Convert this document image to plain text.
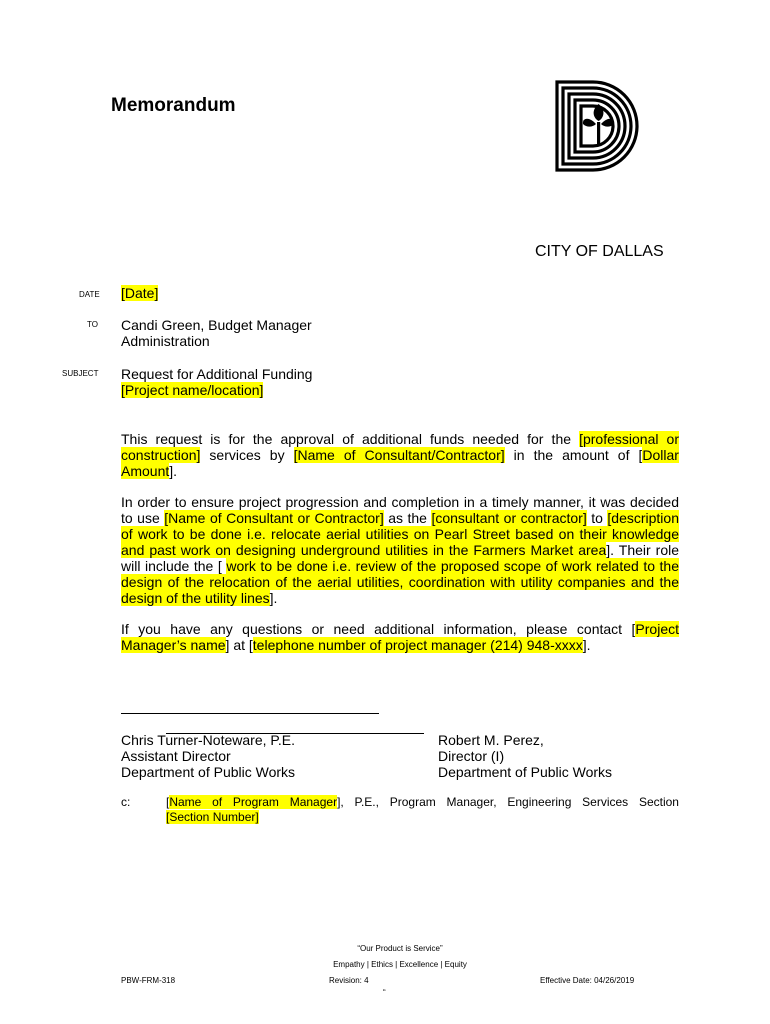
Memorandum
CITY OF DALLAS
DATE [Date]
TO Candi Green, Budget Manager
Administration
SUBJECT Request for Additional Funding
[Project name/location]
This request is for the approval of additional funds needed for the [professional or construction] services by [Name of Consultant/Contractor] in the amount of [Dollar Amount].
In order to ensure project progression and completion in a timely manner, it was decided to use [Name of Consultant or Contractor] as the [consultant or contractor] to [description of work to be done i.e. relocate aerial utilities on Pearl Street based on their knowledge and past work on designing underground utilities in the Farmers Market area]. Their role will include the [ work to be done i.e. review of the proposed scope of work related to the design of the relocation of the aerial utilities, coordination with utility companies and the design of the utility lines].
If you have any questions or need additional information, please contact [Project Manager’s name] at [telephone number of project manager (214) 948-xxxx].
Chris Turner-Noteware, P.E.
Assistant Director
Department of Public Works
Robert M. Perez,
Director (I)
Department of Public Works
c:	[Name of Program Manager], P.E., Program Manager, Engineering Services Section
[Section Number]
“Our Product is Service”
Empathy | Ethics | Excellence | Equity
PBW-FRM-318	Revision: 4	Effective Date: 04/26/2019
“
